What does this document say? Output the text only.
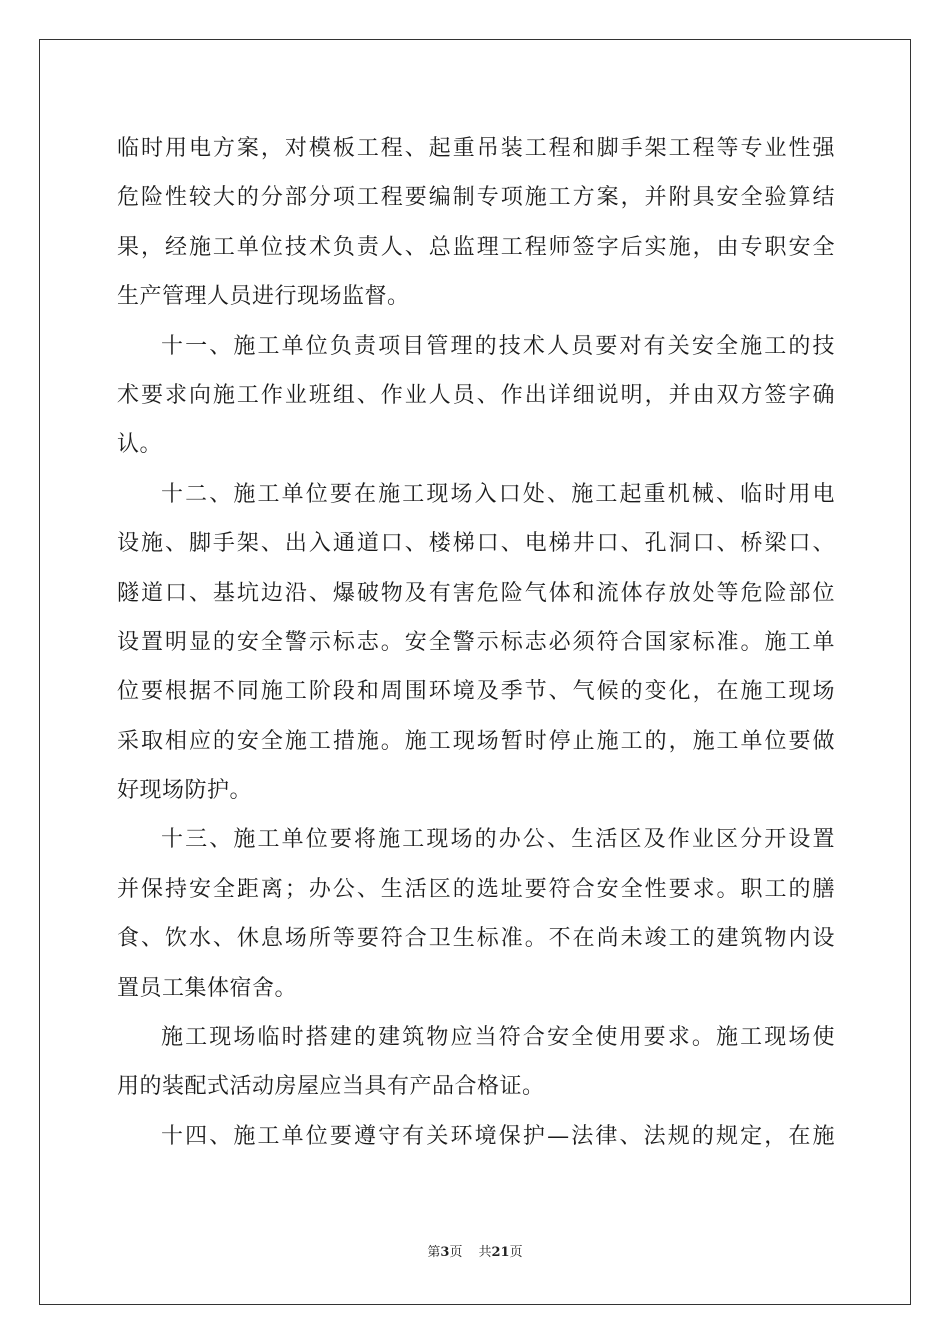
临时用电方案，对模板工程、起重吊装工程和脚手架工程等专业性强
危险性较大的分部分项工程要编制专项施工方案，并附具安全验算结
果，经施工单位技术负责人、总监理工程师签字后实施，由专职安全
生产管理人员进行现场监督。
十一、施工单位负责项目管理的技术人员要对有关安全施工的技
术要求向施工作业班组、作业人员、作出详细说明，并由双方签字确
认。
十二、施工单位要在施工现场入口处、施工起重机械、临时用电
设施、脚手架、出入通道口、楼梯口、电梯井口、孔洞口、桥梁口、
隧道口、基坑边沿、爆破物及有害危险气体和流体存放处等危险部位
设置明显的安全警示标志。安全警示标志必须符合国家标准。施工单
位要根据不同施工阶段和周围环境及季节、气候的变化，在施工现场
采取相应的安全施工措施。施工现场暂时停止施工的，施工单位要做
好现场防护。
十三、施工单位要将施工现场的办公、生活区及作业区分开设置
并保持安全距离；办公、生活区的选址要符合安全性要求。职工的膳
食、饮水、休息场所等要符合卫生标准。不在尚未竣工的建筑物内设
置员工集体宿舍。
施工现场临时搭建的建筑物应当符合安全使用要求。施工现场使
用的装配式活动房屋应当具有产品合格证。
十四、施工单位要遵守有关环境保护—法律、法规的规定，在施
第3页 共21页
